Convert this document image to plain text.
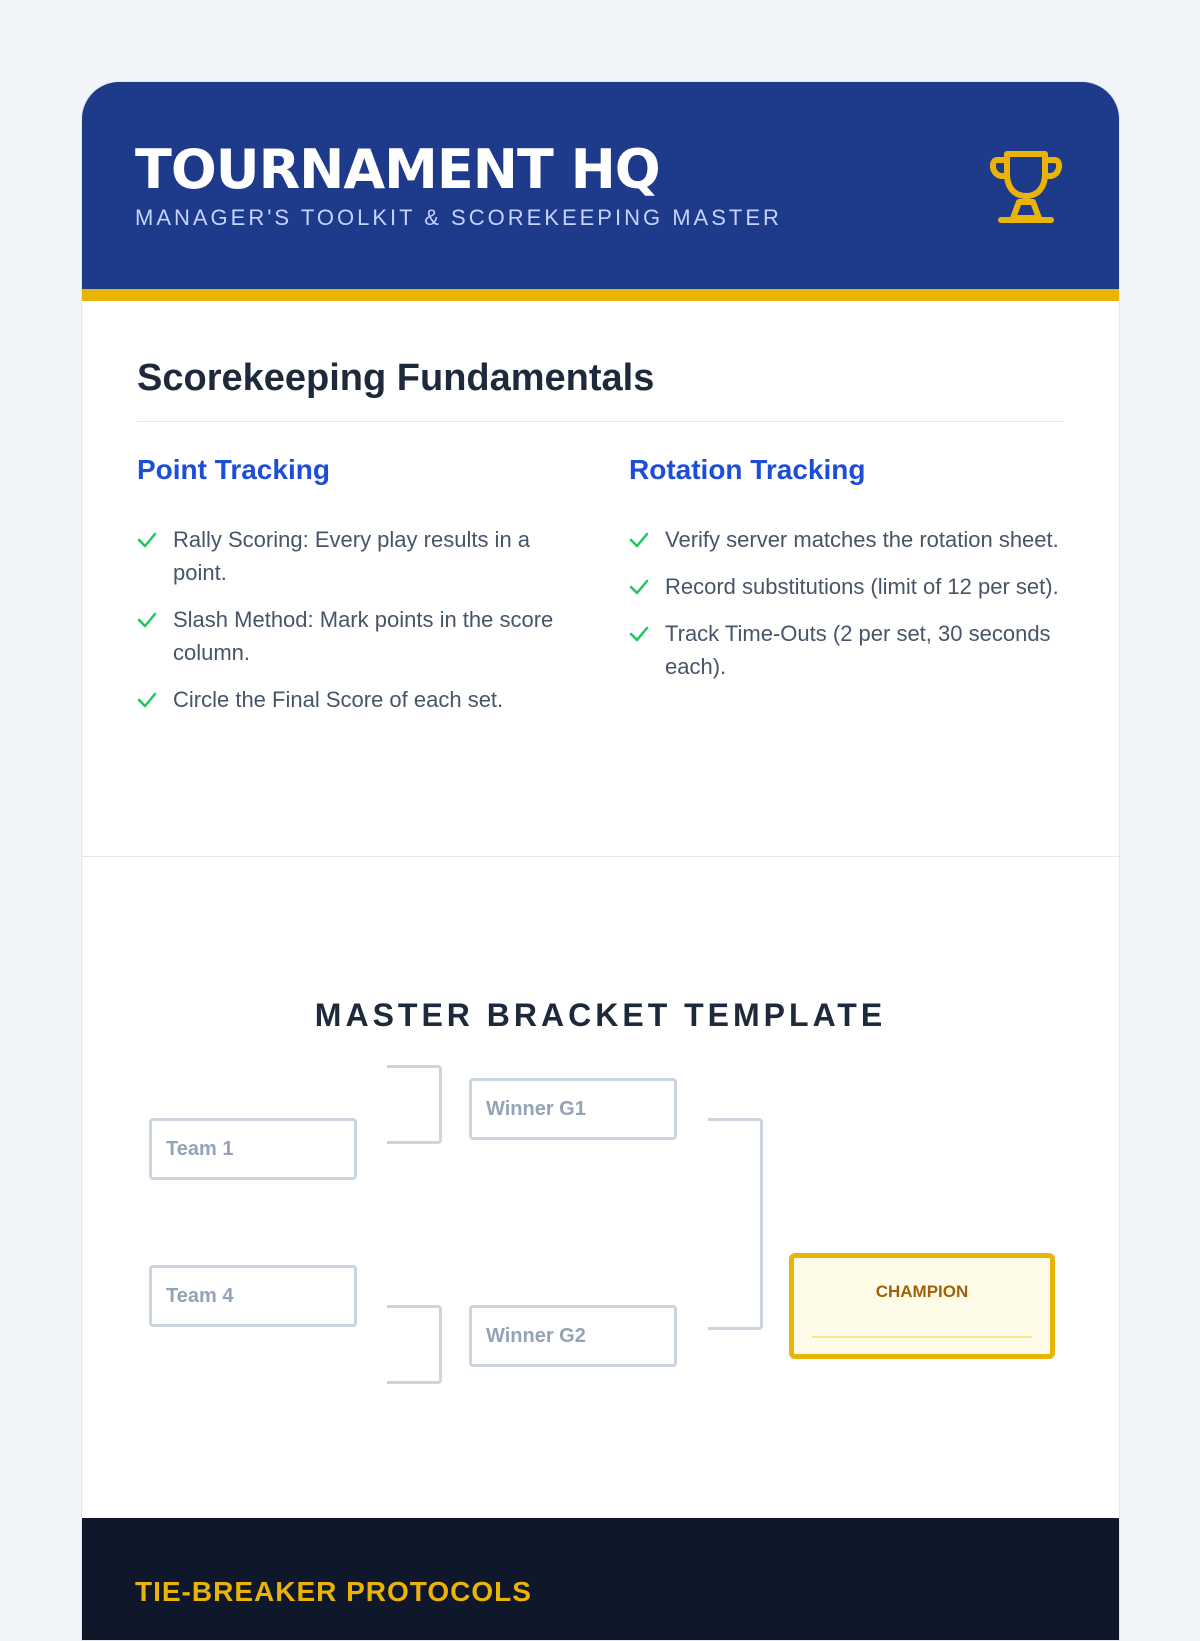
TOURNAMENT HQ
MANAGER'S TOOLKIT & SCOREKEEPING MASTER
Scorekeeping Fundamentals
Point Tracking
Rally Scoring: Every play results in a point.
Slash Method: Mark points in the score column.
Circle the Final Score of each set.
Rotation Tracking
Verify server matches the rotation sheet.
Record substitutions (limit of 12 per set).
Track Time-Outs (2 per set, 30 seconds each).
MASTER BRACKET TEMPLATE
Team 1
Team 4
Winner G1
Winner G2
CHAMPION
TIE-BREAKER PROTOCOLS
